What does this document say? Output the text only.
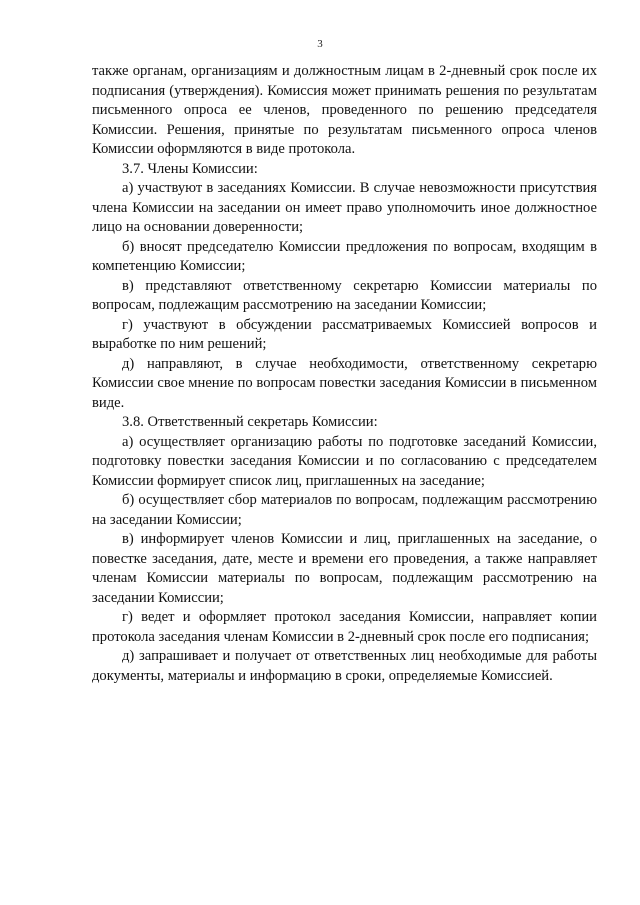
3

также органам, организациям и должностным лицам в 2-дневный срок после их подписания (утверждения). Комиссия может принимать решения по результатам письменного опроса ее членов, проведенного по решению председателя Комиссии. Решения, принятые по результатам письменного опроса членов Комиссии оформляются в виде протокола.

3.7. Члены Комиссии:

а) участвуют в заседаниях Комиссии. В случае невозможности присутствия члена Комиссии на заседании он имеет право уполномочить иное должностное лицо на основании доверенности;

б) вносят председателю Комиссии предложения по вопросам, входящим в компетенцию Комиссии;

в) представляют ответственному секретарю Комиссии материалы по вопросам, подлежащим рассмотрению на заседании Комиссии;

г) участвуют в обсуждении рассматриваемых Комиссией вопросов и выработке по ним решений;

д) направляют, в случае необходимости, ответственному секретарю Комиссии свое мнение по вопросам повестки заседания Комиссии в письменном виде.

3.8. Ответственный секретарь Комиссии:

а) осуществляет организацию работы по подготовке заседаний Комиссии, подготовку повестки заседания Комиссии и по согласованию с председателем Комиссии формирует список лиц, приглашенных на заседание;

б) осуществляет сбор материалов по вопросам, подлежащим рассмотрению на заседании Комиссии;

в) информирует членов Комиссии и лиц, приглашенных на заседание, о повестке заседания, дате, месте и времени его проведения, а также направляет членам Комиссии материалы по вопросам, подлежащим рассмотрению на заседании Комиссии;

г) ведет и оформляет протокол заседания Комиссии, направляет копии протокола заседания членам Комиссии в 2-дневный срок после его подписания;

д) запрашивает и получает от ответственных лиц необходимые для работы документы, материалы и информацию в сроки, определяемые Комиссией.
